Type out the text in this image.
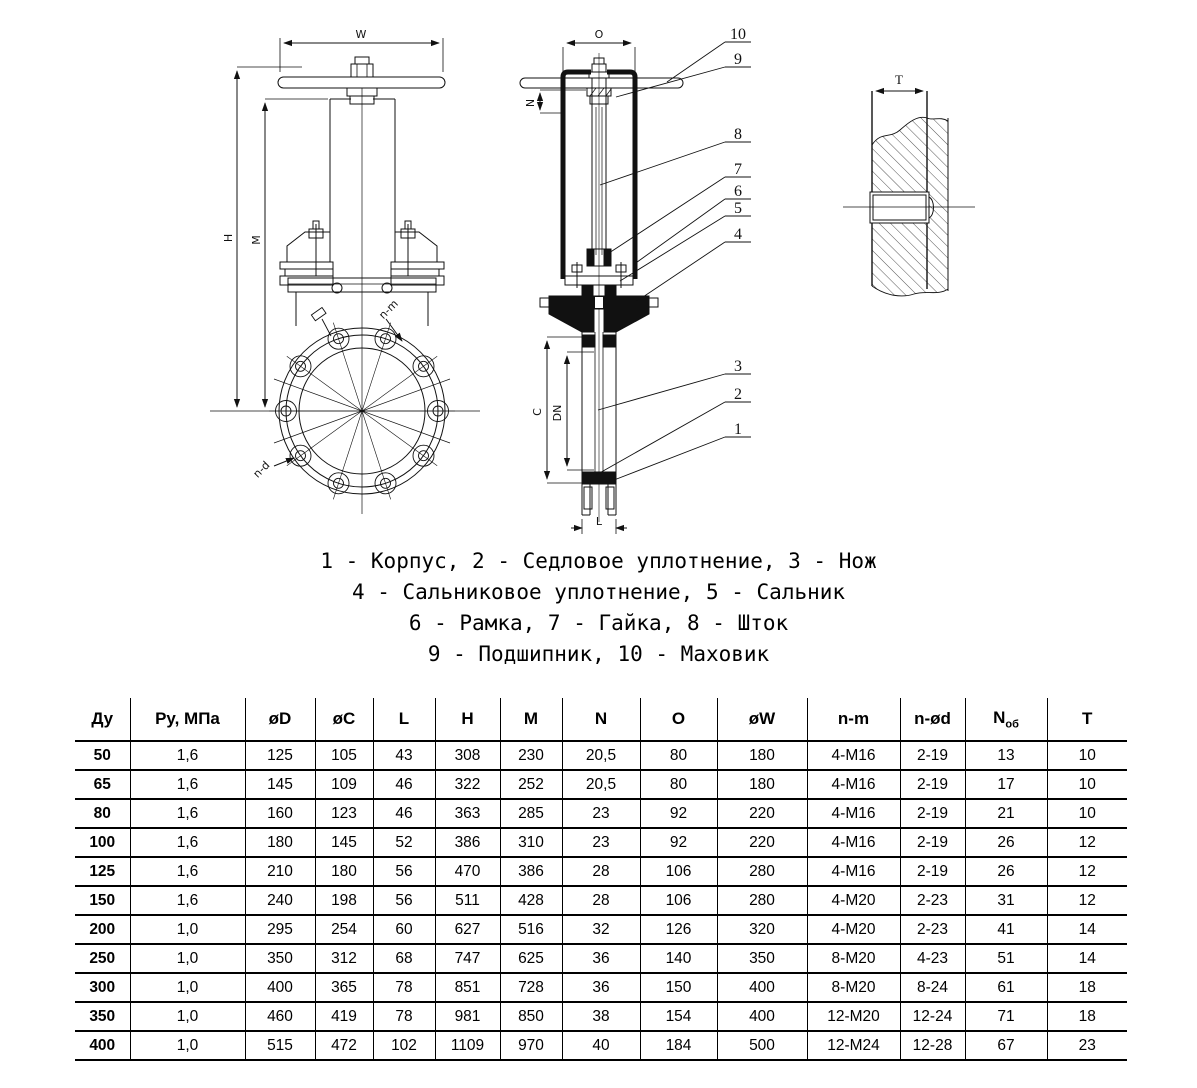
W
H M
n-m
n-d
O
N
DN
C
L
10
9
8
7
6
5
4
3
2
1
T
1 - Корпус, 2 - Седловое уплотнение, 3 - Нож
4 - Сальниковое уплотнение, 5 - Сальник
6 - Рамка, 7 - Гайка, 8 - Шток
9 - Подшипник, 10 - Маховик
Ду	Ру, МПа	øD	øC	L	H	M	N	O	øW	n-m	n-ød	$N_{об}$	T
50	1,6	125	105	43	308	230	20,5	80	180	4-M16	2-19	13	10
65	1,6	145	109	46	322	252	20,5	80	180	4-M16	2-19	17	10
80	1,6	160	123	46	363	285	23	92	220	4-M16	2-19	21	10
100	1,6	180	145	52	386	310	23	92	220	4-M16	2-19	26	12
125	1,6	210	180	56	470	386	28	106	280	4-M16	2-19	26	12
150	1,6	240	198	56	511	428	28	106	280	4-M20	2-23	31	12
200	1,0	295	254	60	627	516	32	126	320	4-M20	2-23	41	14
250	1,0	350	312	68	747	625	36	140	350	8-M20	4-23	51	14
300	1,0	400	365	78	851	728	36	150	400	8-M20	8-24	61	18
350	1,0	460	419	78	981	850	38	154	400	12-M20	12-24	71	18
400	1,0	515	472	102	1109	970	40	184	500	12-M24	12-28	67	23
